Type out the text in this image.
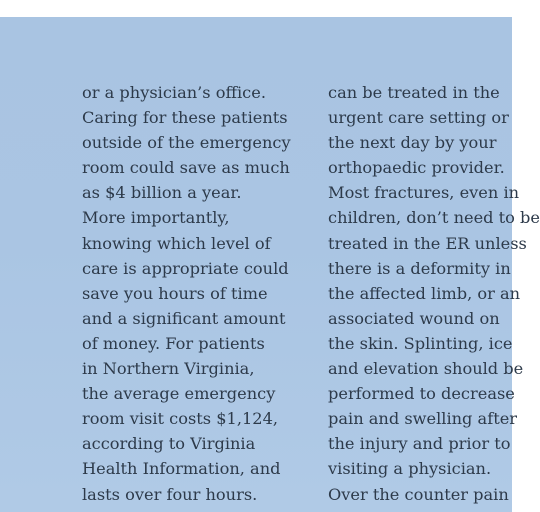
or a physician’s office.
Caring for these patients
outside of the emergency
room could save as much
as $4 billion a year.
More importantly,
knowing which level of
care is appropriate could
save you hours of time
and a significant amount
of money. For patients
in Northern Virginia,
the average emergency
room visit costs $1,124,
according to Virginia
Health Information, and
lasts over four hours.
can be treated in the
urgent care setting or
the next day by your
orthopaedic provider.
Most fractures, even in
children, don’t need to be
treated in the ER unless
there is a deformity in
the affected limb, or an
associated wound on
the skin. Splinting, ice
and elevation should be
performed to decrease
pain and swelling after
the injury and prior to
visiting a physician.
Over the counter pain
